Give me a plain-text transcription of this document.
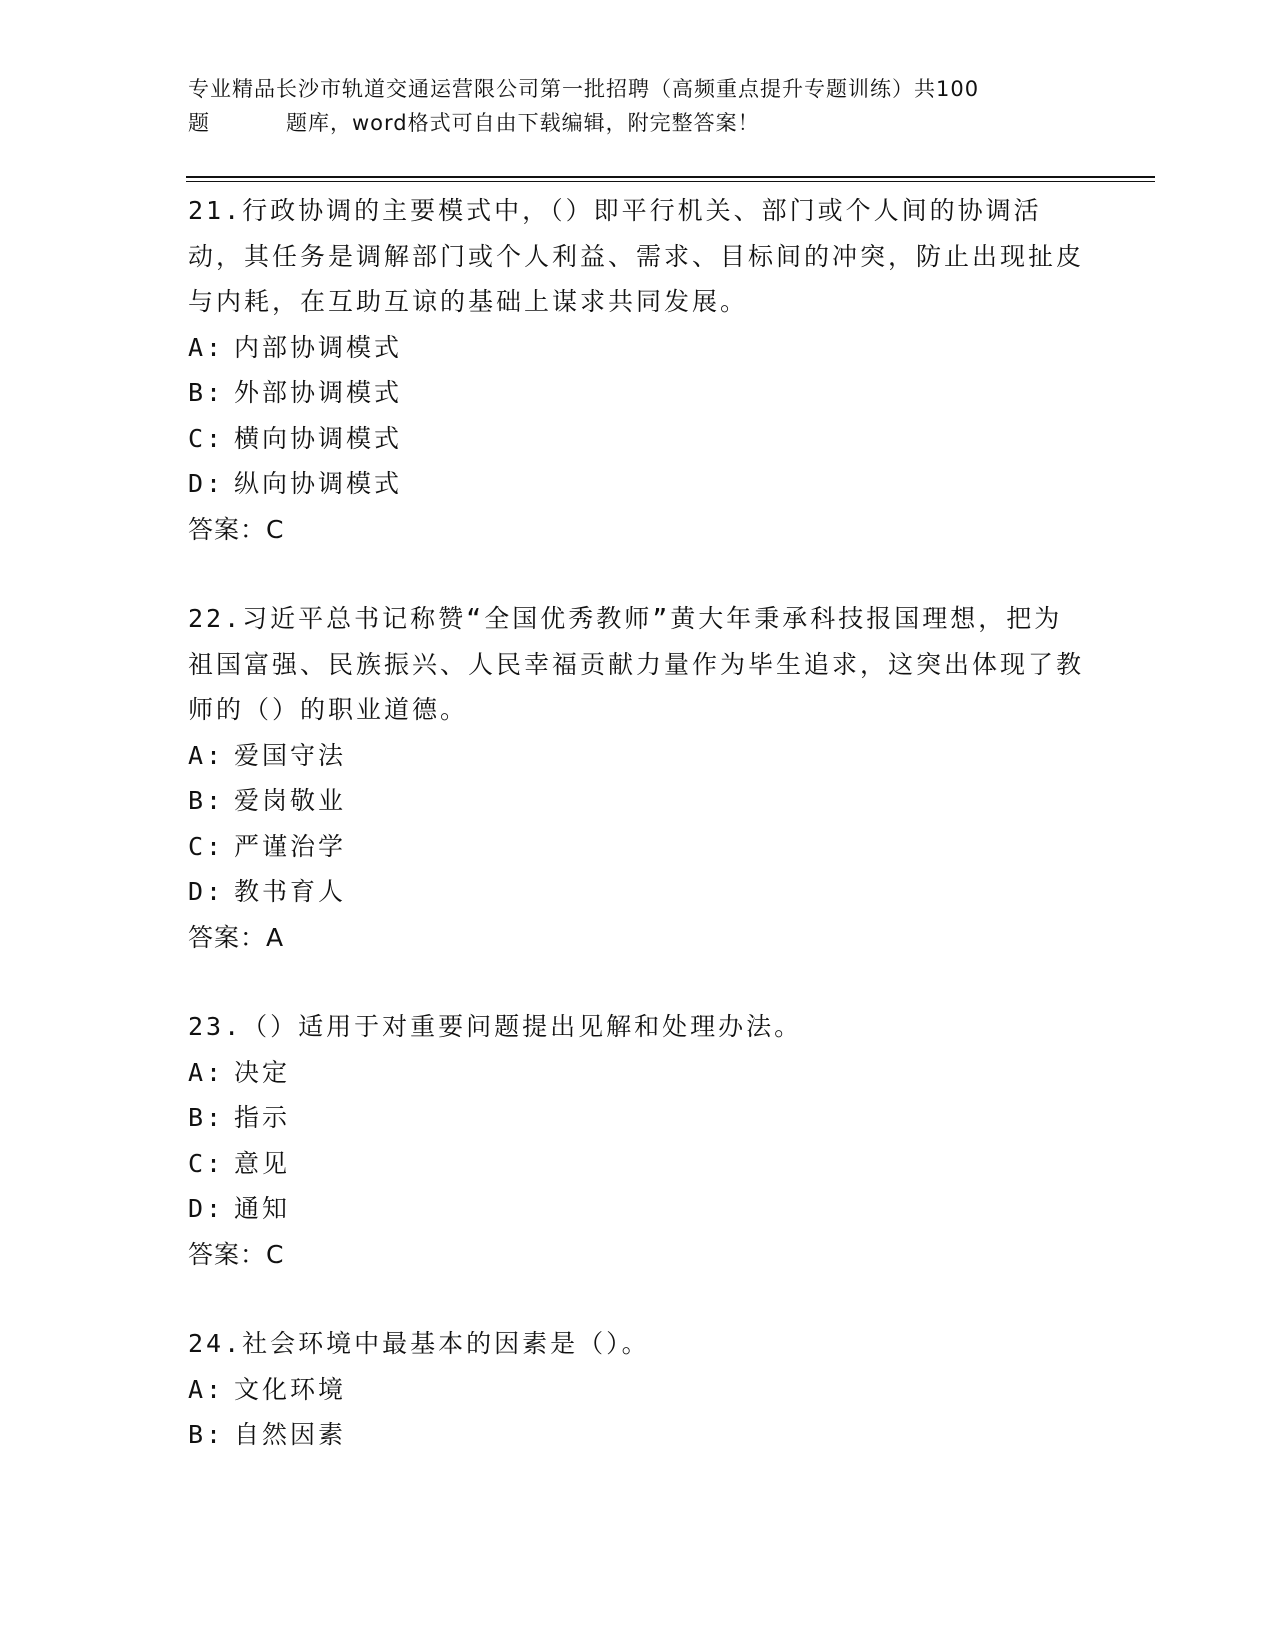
专业精品长沙市轨道交通运营限公司第一批招聘（高频重点提升专题训练）共100
题	题库，word格式可自由下载编辑，附完整答案！

21.行政协调的主要模式中，（）即平行机关、部门或个人间的协调活动，其任务是调解部门或个人利益、需求、目标间的冲突，防止出现扯皮与内耗，在互助互谅的基础上谋求共同发展。

A: 内部协调模式

B: 外部协调模式

C: 横向协调模式

D: 纵向协调模式

答案：C

22.习近平总书记称赞“全国优秀教师”黄大年秉承科技报国理想，把为祖国富强、民族振兴、人民幸福贡献力量作为毕生追求，这突出体现了教师的（）的职业道德。

A: 爱国守法

B: 爱岗敬业

C: 严谨治学

D: 教书育人

答案：A

23.（）适用于对重要问题提出见解和处理办法。

A: 决定

B: 指示

C: 意见

D: 通知

答案：C

24.社会环境中最基本的因素是（）。

A: 文化环境

B: 自然因素
